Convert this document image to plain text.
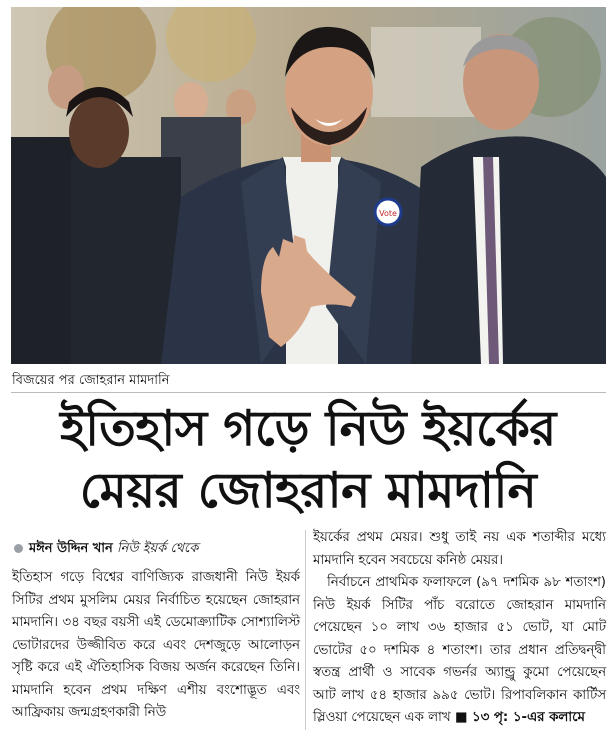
Vote
বিজয়ের পর জোহরান মামদানি
ইতিহাস গড়ে নিউ ইয়র্কের
মেয়র জোহরান মামদানি
মঈন উদ্দিন খান নিউ ইয়র্ক থেকে

ইতিহাস গড়ে বিশ্বের বাণিজ্যিক রাজধানী নিউ ইয়র্ক সিটির প্রথম মুসলিম মেয়র নির্বাচিত হয়েছেন জোহরান মামদানি। ৩৪ বছর বয়সী এই ডেমোক্র্যাটিক সোশ্যালিস্ট ভোটারদের উজ্জীবিত করে এবং দেশজুড়ে আলোড়ন সৃষ্টি করে এই ঐতিহাসিক বিজয় অর্জন করেছেন তিনি। মামদানি হবেন প্রথম দক্ষিণ এশীয় বংশোদ্ভূত এবং আফ্রিকায় জন্মগ্রহণকারী নিউ

ইয়র্কের প্রথম মেয়র। শুধু তাই নয় এক শতাব্দীর মধ্যে মামদানি হবেন সবচেয়ে কনিষ্ঠ মেয়র।

নির্বাচনে প্রাথমিক ফলাফলে (৯৭ দশমিক ৯৮ শতাংশ) নিউ ইয়র্ক সিটির পাঁচ বরোতে জোহরান মামদানি পেয়েছেন ১০ লাখ ৩৬ হাজার ৫১ ভোট, যা মোট ভোটের ৫০ দশমিক ৪ শতাংশ। তার প্রধান প্রতিদ্বন্দ্বী স্বতন্ত্র প্রার্থী ও সাবেক গভর্নর অ্যান্ড্রু কুমো পেয়েছেন আট লাখ ৫৪ হাজার ৯৯৫ ভোট। রিপাবলিকান কার্টিস স্লিওয়া পেয়েছেন এক লাখ ■ ১৩ পৃ: ১-এর কলামে
